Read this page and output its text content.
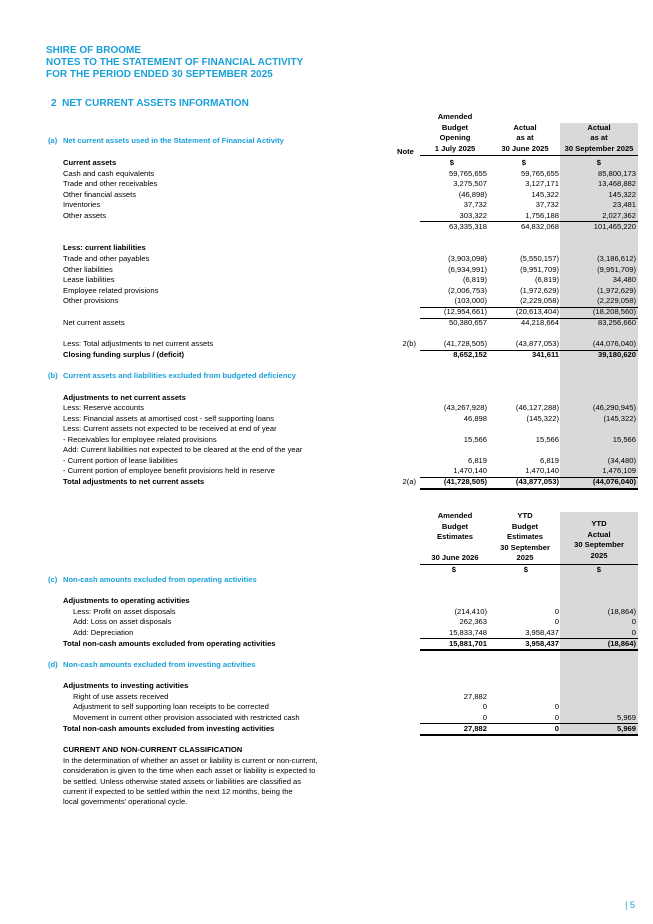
SHIRE OF BROOME
NOTES TO THE STATEMENT OF FINANCIAL ACTIVITY
FOR THE PERIOD ENDED 30 SEPTEMBER 2025
2 NET CURRENT ASSETS INFORMATION
Amended
Budget
Opening
1 July 2025
Actual
as at
30 June 2025
Actual
as at
30 September 2025
(a) Net current assets used in the Statement of Financial Activity
Note
Current assets	$	$	$
Cash and cash equivalents	59,765,655	59,765,655	85,800,173
Trade and other receivables	3,275,507	3,127,171	13,468,882
Other financial assets	(46,898)	145,322	145,322
Inventories	37,732	37,732	23,481
Other assets	303,322	1,756,188	2,027,362
63,335,318	64,832,068	101,465,220
Less: current liabilities
Trade and other payables	(3,903,098)	(5,550,157)	(3,186,612)
Other liabilities	(6,934,991)	(9,951,709)	(9,951,709)
Lease liabilities	(6,819)	(6,819)	34,480
Employee related provisions	(2,006,753)	(1,972,629)	(1,972,629)
Other provisions	(103,000)	(2,229,058)	(2,229,058)
(12,954,661)	(20,613,404)	(18,208,560)
Net current assets	50,380,657	44,218,664	83,256,660
Less: Total adjustments to net current assets	2(b)	(41,728,505)	(43,877,053)	(44,076,040)
Closing funding surplus / (deficit)	8,652,152	341,611	39,180,620
(b) Current assets and liabilities excluded from budgeted deficiency
Adjustments to net current assets
Less: Reserve accounts	(43,267,928)	(46,127,288)	(46,290,945)
Less: Financial assets at amortised cost - self supporting loans	46,898	(145,322)	(145,322)
Less: Current assets not expected to be received at end of year
- Receivables for employee related provisions	15,566	15,566	15,566
Add: Current liabilities not expected to be cleared at the end of the year
- Current portion of lease liabilities	6,819	6,819	(34,480)
- Current portion of employee benefit provisions held in reserve	1,470,140	1,470,140	1,476,109
Total adjustments to net current assets	2(a)	(41,728,505)	(43,877,053)	(44,076,040)
Amended
Budget
Estimates
30 June 2026
YTD
Budget
Estimates
30 September
2025
YTD
Actual
30 September
2025
$	$	$
(c) Non-cash amounts excluded from operating activities
Adjustments to operating activities
Less: Profit on asset disposals	(214,410)	0	(18,864)
Add: Loss on asset disposals	262,363	0	0
Add: Depreciation	15,833,748	3,958,437	0
Total non-cash amounts excluded from operating activities	15,881,701	3,958,437	(18,864)
(d) Non-cash amounts excluded from investing activities
Adjustments to investing activities
Right of use assets received	27,882
Adjustment to self supporting loan receipts to be corrected	0	0
Movement in current other provision associated with restricted cash	0	0	5,969
Total non-cash amounts excluded from investing activities	27,882	0	5,969
CURRENT AND NON-CURRENT CLASSIFICATION
In the determination of whether an asset or liability is current or non-current,
consideration is given to the time when each asset or liability is expected to
be settled. Unless otherwise stated assets or liabilities are classified as
current if expected to be settled within the next 12 months, being the
local governments' operational cycle.
| 5
